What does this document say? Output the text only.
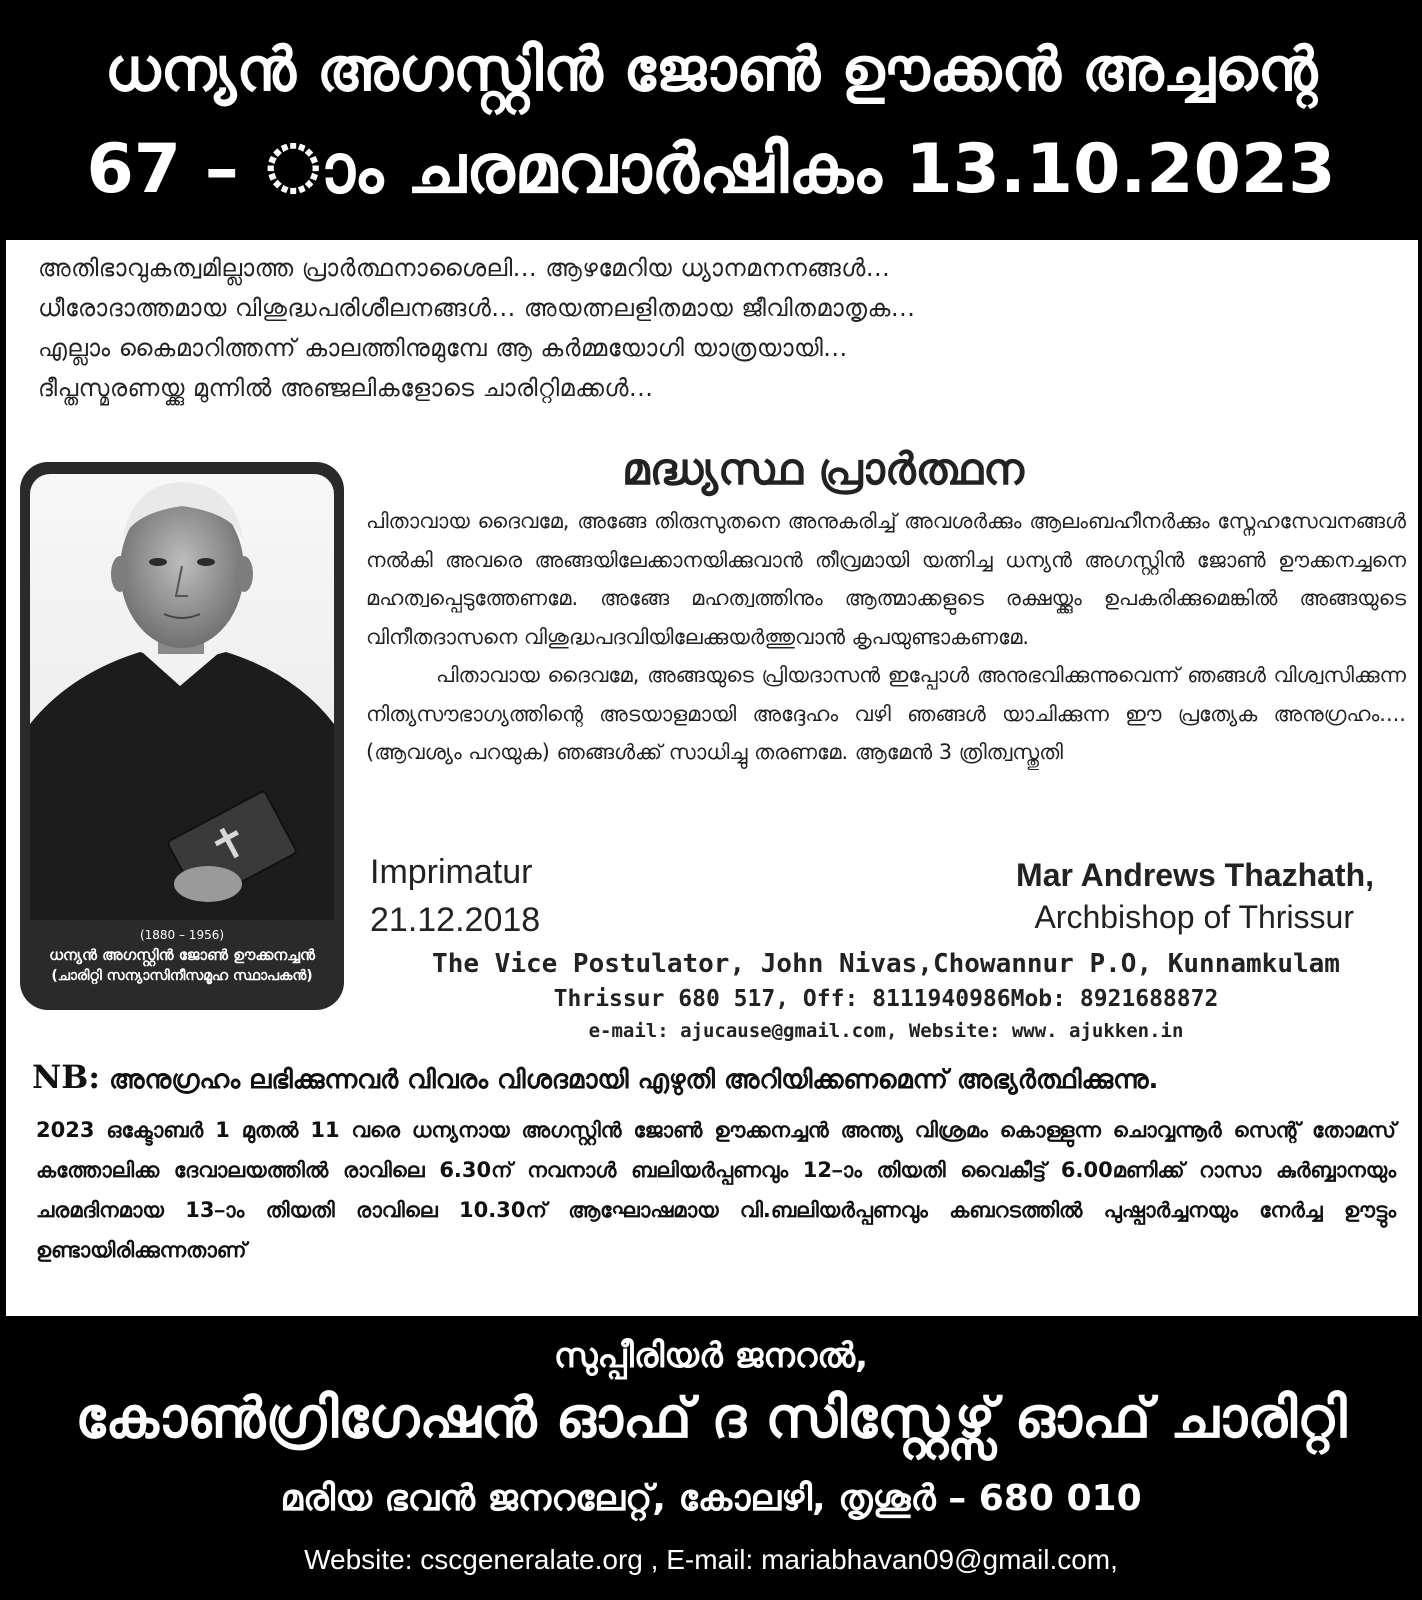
ധന്യൻ അഗസ്റ്റിൻ ജോൺ ഊക്കൻ അച്ചന്റെ
67 – ാം ചരമവാർഷികം 13.10.2023
അതിഭാവുകത്വമില്ലാത്ത പ്രാർത്ഥനാശൈലി... ആഴമേറിയ ധ്യാനമനനങ്ങൾ...
ധീരോദാത്തമായ വിശുദ്ധപരിശീലനങ്ങൾ... അയത്നലളിതമായ ജീവിതമാതൃക...
എല്ലാം കൈമാറിത്തന്ന് കാലത്തിനുമുമ്പേ ആ കർമ്മയോഗി യാത്രയായി...
ദീപ്തസ്മരണയ്ക്കു മുന്നിൽ അഞ്ജലികളോടെ ചാരിറ്റിമക്കൾ...
(1880 – 1956)
ധന്യൻ അഗസ്റ്റിൻ ജോൺ ഊക്കനച്ചൻ
(ചാരിറ്റി സന്യാസിനീസമൂഹ സ്ഥാപകൻ)
മദ്ധ്യസ്ഥ പ്രാർത്ഥന

പിതാവായ ദൈവമേ, അങ്ങേ തിരുസുതനെ അനുകരിച്ച് അവശർക്കും ആലംബഹീനർക്കും സ്നേഹസേവനങ്ങൾ നൽകി അവരെ അങ്ങയിലേക്കാനയിക്കുവാൻ തീവ്രമായി യത്നിച്ച ധന്യൻ അഗസ്റ്റിൻ ജോൺ ഊക്കനച്ചനെ മഹത്വപ്പെടുത്തേണമേ. അങ്ങേ മഹത്വത്തിനും ആത്മാക്കളുടെ രക്ഷയ്ക്കും ഉപകരിക്കുമെങ്കിൽ അങ്ങയുടെ വിനീതദാസനെ വിശുദ്ധപദവിയിലേക്കുയർത്തുവാൻ കൃപയുണ്ടാകണമേ.

പിതാവായ ദൈവമേ, അങ്ങയുടെ പ്രിയദാസൻ ഇപ്പോൾ അനുഭവിക്കുന്നുവെന്ന് ഞങ്ങൾ വിശ്വസിക്കുന്ന നിത്യസൗഭാഗ്യത്തിന്റെ അടയാളമായി അദ്ദേഹം വഴി ഞങ്ങൾ യാചിക്കുന്ന ഈ പ്രത്യേക അനുഗ്രഹം.... (ആവശ്യം പറയുക) ഞങ്ങൾക്ക് സാധിച്ചു തരണമേ. ആമേൻ 3 ത്രിത്വസ്തുതി

Imprimatur
21.12.2018
Mar Andrews Thazhath,
Archbishop of Thrissur
The Vice Postulator, John Nivas,Chowannur P.O, Kunnamkulam
Thrissur 680 517, Off: 8111940986Mob: 8921688872
e-mail: ajucause@gmail.com, Website: www. ajukken.in
NB: അനുഗ്രഹം ലഭിക്കുന്നവർ വിവരം വിശദമായി എഴുതി അറിയിക്കണമെന്ന് അഭ്യർത്ഥിക്കുന്നു.
2023 ഒക്ടോബർ 1 മുതൽ 11 വരെ ധന്യനായ അഗസ്റ്റിൻ ജോൺ ഊക്കനച്ചൻ അന്ത്യ വിശ്രമം കൊള്ളുന്ന ചൊവ്വന്നൂർ സെന്റ് തോമസ് കത്തോലിക്ക ദേവാലയത്തിൽ രാവിലെ 6.30ന് നവനാൾ ബലിയർപ്പണവും 12–ാം തിയതി വൈകീട്ട് 6.00മണിക്ക് റാസാ കുർബ്ബാനയും ചരമദിനമായ 13–ാം തിയതി രാവിലെ 10.30ന് ആഘോഷമായ വി.ബലിയർപ്പണവും കബറടത്തിൽ പുഷ്പാർച്ചനയും നേർച്ച ഊട്ടും ഉണ്ടായിരിക്കുന്നതാണ്
സുപ്പീരിയർ ജനറൽ,
കോൺഗ്രിഗേഷൻ ഓഫ് ദ സിസ്റ്റേഴ്സ് ഓഫ് ചാരിറ്റി
മരിയ ഭവൻ ജനറലേറ്റ്, കോലഴി, തൃശൂർ – 680 010
Website: cscgeneralate.org , E-mail: mariabhavan09@gmail.com,
